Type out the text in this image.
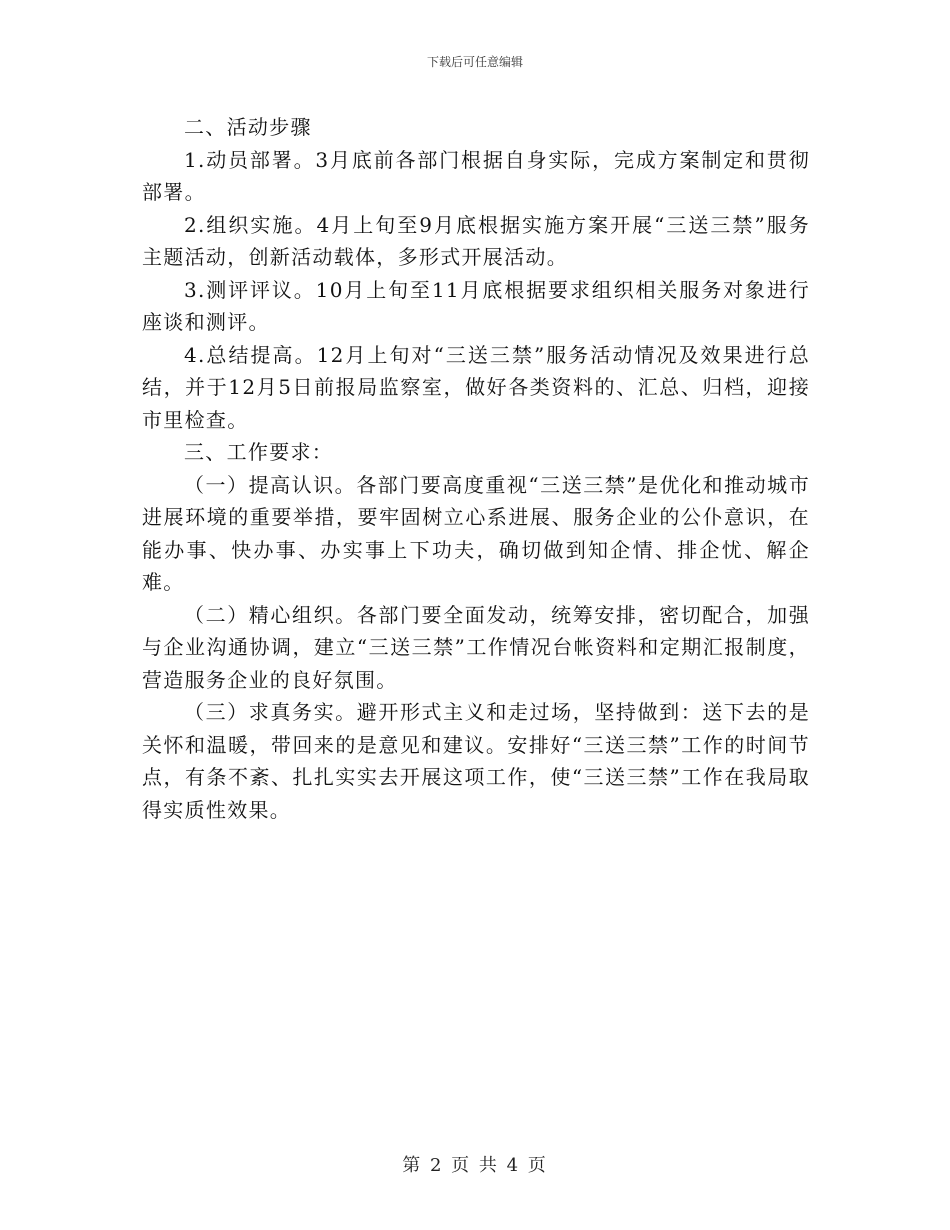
下载后可任意编辑

二、活动步骤

1.动员部署。3月底前各部门根据自身实际，完成方案制定和贯彻部署。

2.组织实施。4月上旬至9月底根据实施方案开展“三送三禁”服务主题活动，创新活动载体，多形式开展活动。

3.测评评议。10月上旬至11月底根据要求组织相关服务对象进行座谈和测评。

4.总结提高。12月上旬对“三送三禁”服务活动情况及效果进行总结，并于12月5日前报局监察室，做好各类资料的、汇总、归档，迎接市里检查。

三、工作要求：

（一）提高认识。各部门要高度重视“三送三禁”是优化和推动城市进展环境的重要举措，要牢固树立心系进展、服务企业的公仆意识，在能办事、快办事、办实事上下功夫，确切做到知企情、排企忧、解企难。

（二）精心组织。各部门要全面发动，统筹安排，密切配合，加强与企业沟通协调，建立“三送三禁”工作情况台帐资料和定期汇报制度，营造服务企业的良好氛围。

（三）求真务实。避开形式主义和走过场，坚持做到：送下去的是关怀和温暖，带回来的是意见和建议。安排好“三送三禁”工作的时间节点，有条不紊、扎扎实实去开展这项工作，使“三送三禁”工作在我局取得实质性效果。

第 2 页 共 4 页
